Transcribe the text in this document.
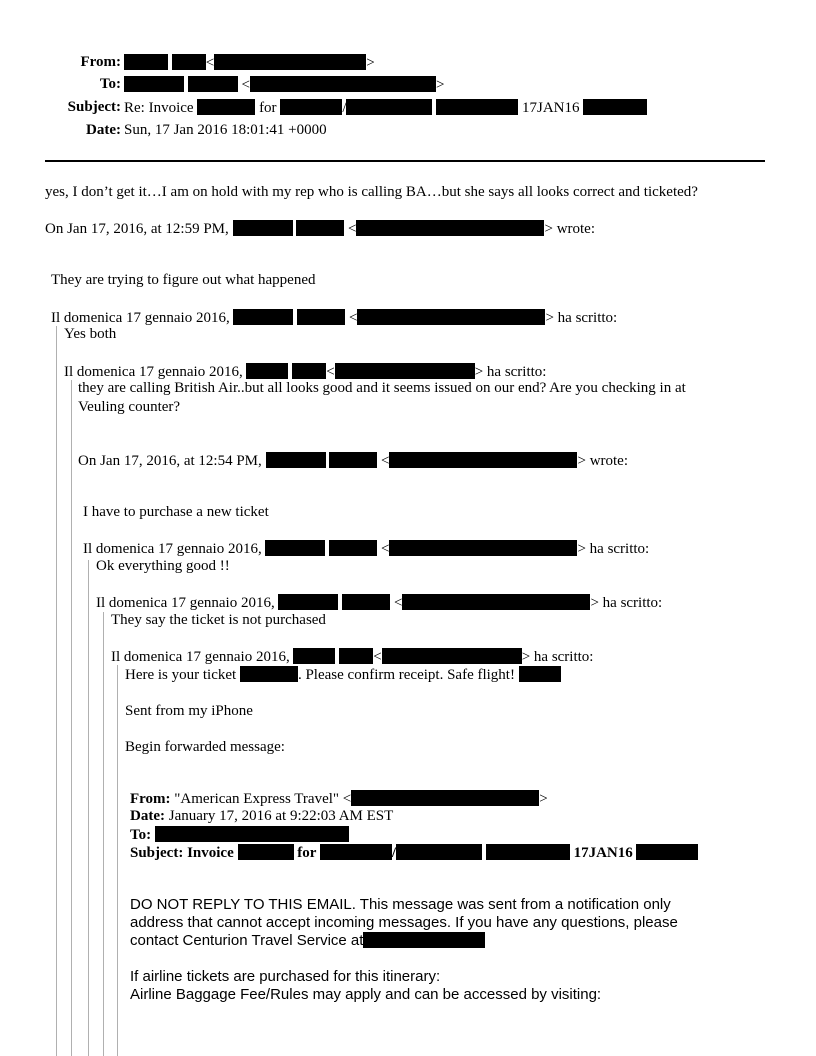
From:	<	>
To:	<	>
Subject: Re: Invoice	for	/	17JAN16
Date: Sun, 17 Jan 2016 18:01:41 +0000
yes, I don’t get it…I am on hold with my rep who is calling BA…but she says all looks correct and ticketed?
On Jan 17, 2016, at 12:59 PM,	<	> wrote:
They are trying to figure out what happened
Il domenica 17 gennaio 2016,	<	> ha scritto:
Yes both
Il domenica 17 gennaio 2016,	<	> ha scritto:
they are calling British Air..but all looks good and it seems issued on our end? Are you checking in at
Veuling counter?
On Jan 17, 2016, at 12:54 PM,	<	> wrote:
I have to purchase a new ticket
Il domenica 17 gennaio 2016,	<	> ha scritto:
Ok everything good !!
Il domenica 17 gennaio 2016,	<	> ha scritto:
They say the ticket is not purchased
Il domenica 17 gennaio 2016,	<	> ha scritto:
Here is your ticket	. Please confirm receipt. Safe flight!
Sent from my iPhone
Begin forwarded message:
From: "American Express Travel" <	>
Date: January 17, 2016 at 9:22:03 AM EST
To:
Subject: Invoice	for	/	17JAN16
DO NOT REPLY TO THIS EMAIL. This message was sent from a notification only
address that cannot accept incoming messages. If you have any questions, please
contact Centurion Travel Service at
If airline tickets are purchased for this itinerary:
Airline Baggage Fee/Rules may apply and can be accessed by visiting:
